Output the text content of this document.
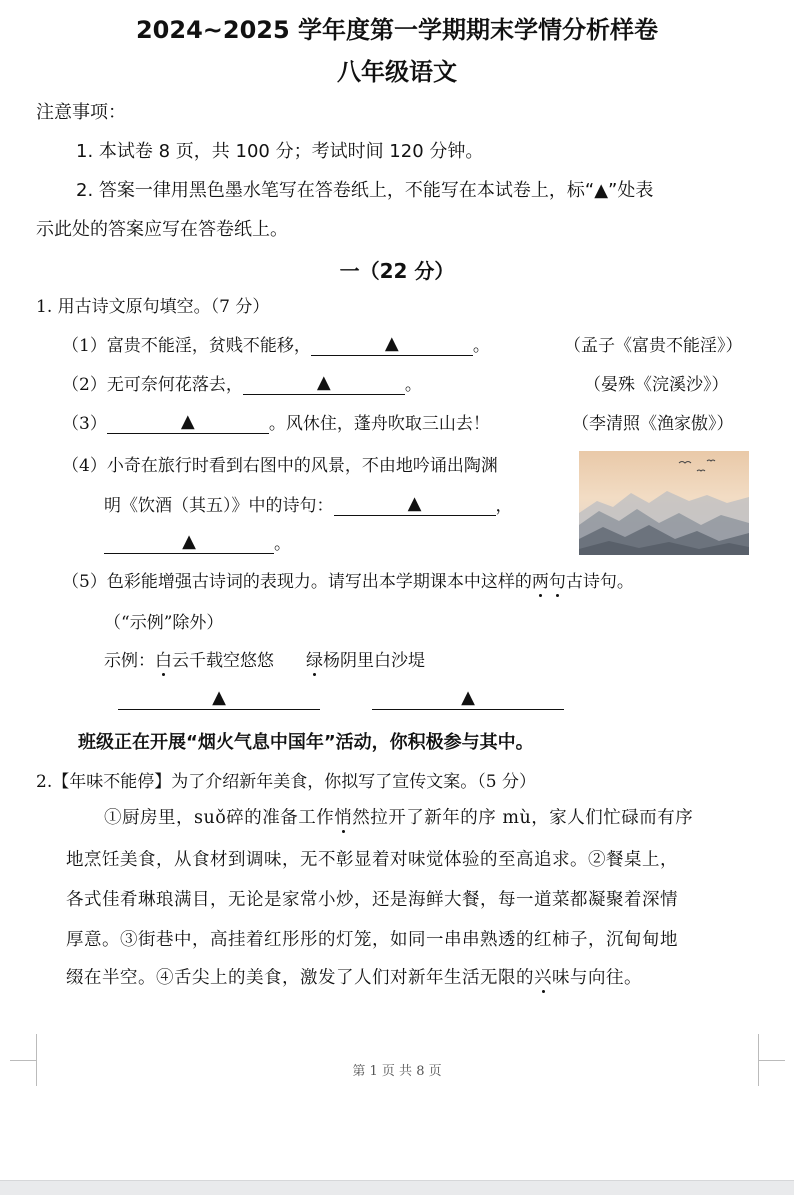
2024~2025 学年度第一学期期末学情分析样卷
八年级语文
注意事项：
1. 本试卷 8 页，共 100 分；考试时间 120 分钟。
2. 答案一律用黑色墨水笔写在答卷纸上，不能写在本试卷上，标“▲”处表
示此处的答案应写在答卷纸上。
一（22 分）
1. 用古诗文原句填空。（7 分）
（1）富贵不能淫，贫贱不能移，	▲	。	（孟子《富贵不能淫》）
（2）无可奈何花落去，	▲	。	（晏殊《浣溪沙》）
（3）	▲	。风休住，蓬舟吹取三山去！	（李清照《渔家傲》）
（4）小奇在旅行时看到右图中的风景，不由地吟诵出陶渊
明《饮酒（其五）》中的诗句：	▲	，
▲	。
（5）色彩能增强古诗词的表现力。请写出本学期课本中这样的两句古诗句。
（“示例”除外）
示例：白云千载空悠悠 绿杨阴里白沙堤
▲	▲
班级正在开展“烟火气息中国年”活动，你积极参与其中。
2.【年味不能停】为了介绍新年美食，你拟写了宣传文案。（5 分）
①厨房里，suǒ碎的准备工作悄然拉开了新年的序 mù，家人们忙碌而有序
地烹饪美食，从食材到调味，无不彰显着对味觉体验的至高追求。②餐桌上，
各式佳肴琳琅满目，无论是家常小炒，还是海鲜大餐，每一道菜都凝聚着深情
厚意。③街巷中，高挂着红彤彤的灯笼，如同一串串熟透的红柿子，沉甸甸地
缀在半空。④舌尖上的美食，激发了人们对新年生活无限的兴味与向往。
第 1 页 共 8 页
